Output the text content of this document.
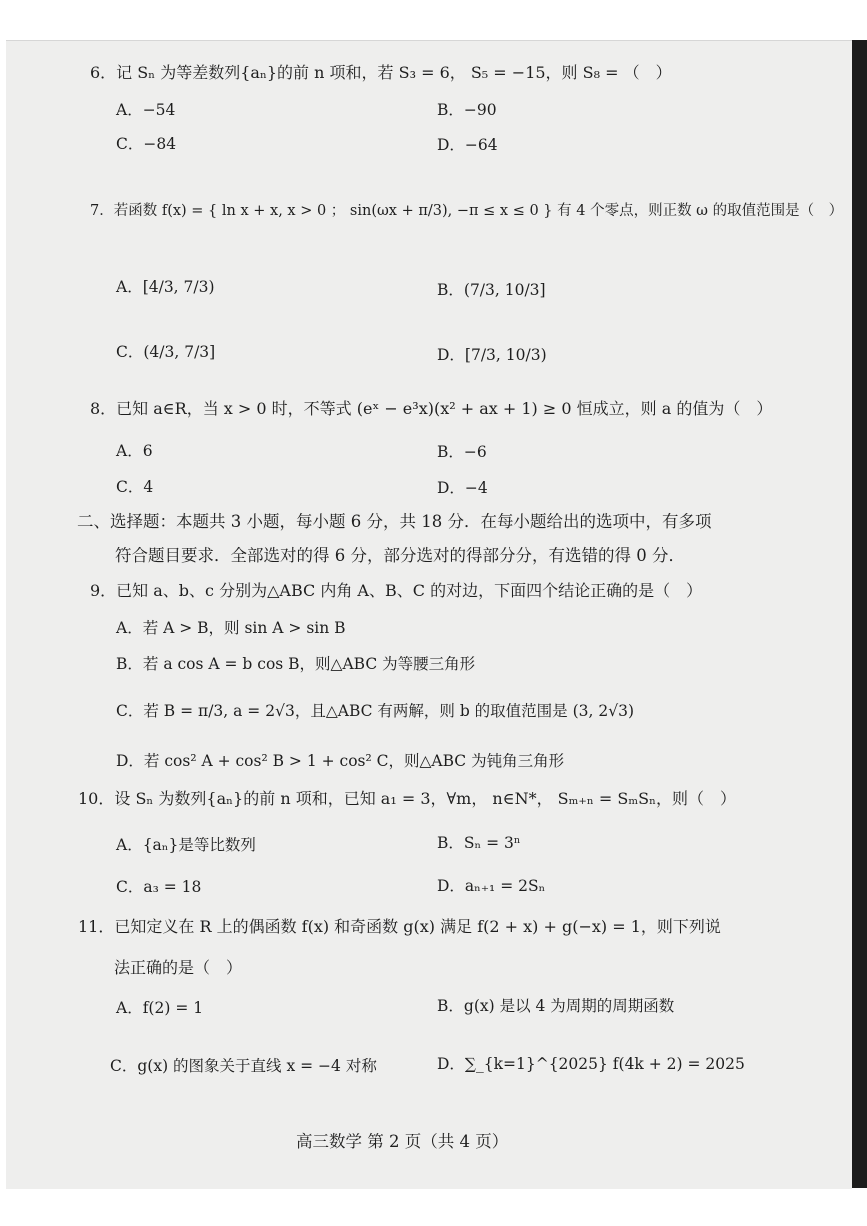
6．记 Sₙ 为等差数列{aₙ}的前 n 项和，若 S₃ = 6， S₅ = −15，则 S₈ = （　）
A．−54	B．−90
C．−84	D．−64
7．若函数 f(x) = { ln x + x, x > 0 ； sin(ωx + π/3), −π ≤ x ≤ 0 } 有 4 个零点，则正数 ω 的取值范围是（　）
A．[4/3, 7/3)	B．(7/3, 10/3]
C．(4/3, 7/3]	D．[7/3, 10/3)
8．已知 a∈R，当 x > 0 时，不等式 (eˣ − e³x)(x² + ax + 1) ≥ 0 恒成立，则 a 的值为（　）
A．6	B．−6
C．4	D．−4
二、选择题：本题共 3 小题，每小题 6 分，共 18 分．在每小题给出的选项中，有多项
符合题目要求．全部选对的得 6 分，部分选对的得部分分，有选错的得 0 分．
9．已知 a、b、c 分别为△ABC 内角 A、B、C 的对边，下面四个结论正确的是（　）
A．若 A > B，则 sin A > sin B
B．若 a cos A = b cos B，则△ABC 为等腰三角形
C．若 B = π/3, a = 2√3，且△ABC 有两解，则 b 的取值范围是 (3, 2√3)
D．若 cos² A + cos² B > 1 + cos² C，则△ABC 为钝角三角形
10．设 Sₙ 为数列{aₙ}的前 n 项和，已知 a₁ = 3，∀m， n∈N*， Sₘ₊ₙ = SₘSₙ，则（　）
A．{aₙ}是等比数列	B．Sₙ = 3ⁿ
C．a₃ = 18	D．aₙ₊₁ = 2Sₙ
11．已知定义在 R 上的偶函数 f(x) 和奇函数 g(x) 满足 f(2 + x) + g(−x) = 1，则下列说
法正确的是（　）
A．f(2) = 1	B．g(x) 是以 4 为周期的周期函数
C．g(x) 的图象关于直线 x = −4 对称	D．∑_{k=1}^{2025} f(4k + 2) = 2025
高三数学 第 2 页（共 4 页）
